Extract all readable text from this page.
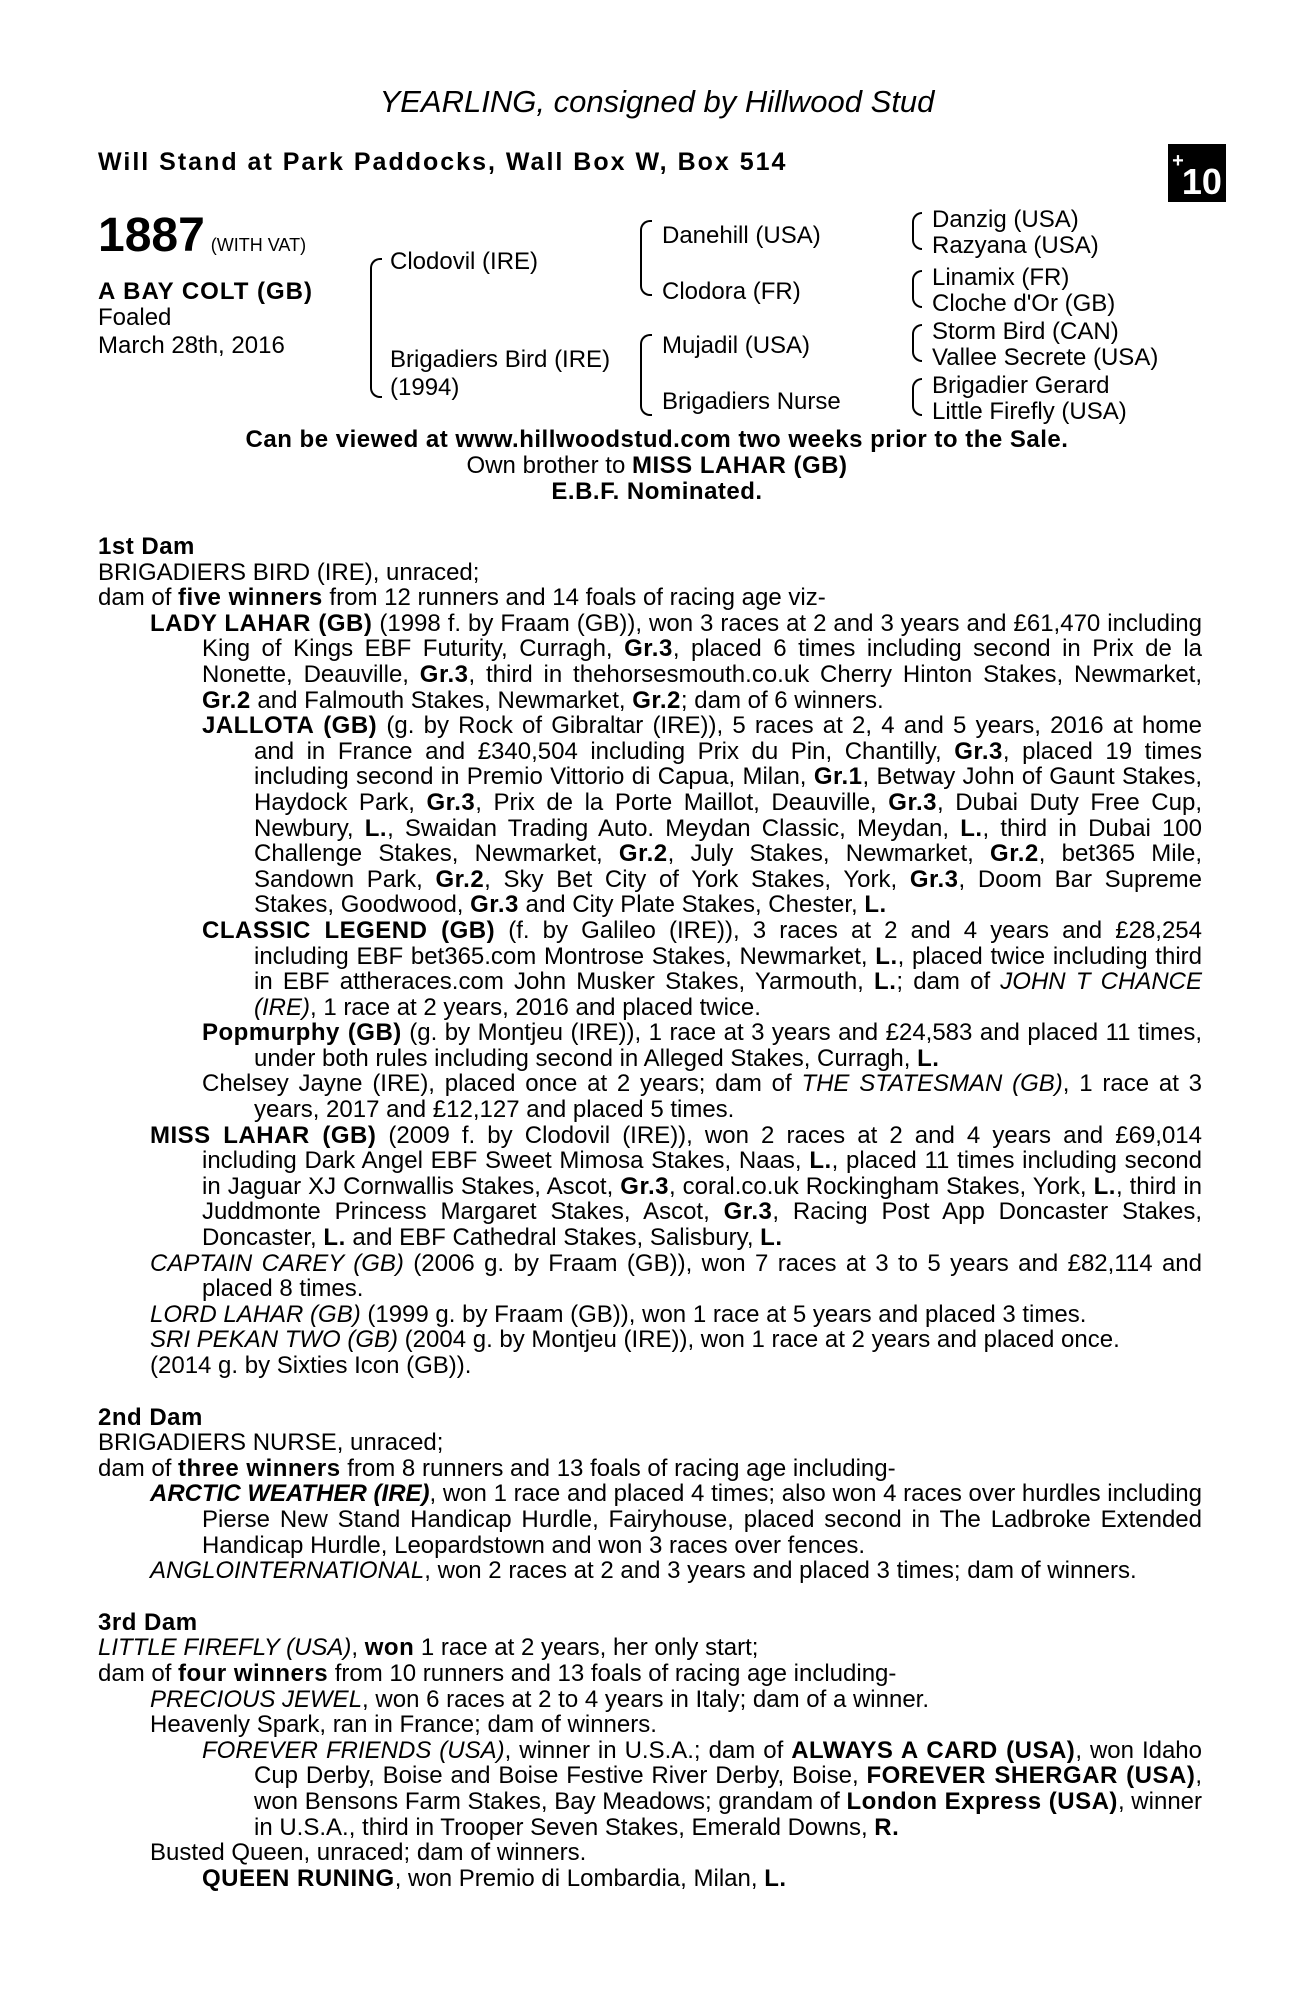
YEARLING, consigned by Hillwood Stud
Will Stand at Park Paddocks, Wall Box W, Box 514	+10
1887 (WITH VAT)
A BAY COLT (GB)
Foaled
March 28th, 2016
Clodovil (IRE)
Brigadiers Bird (IRE)
(1994)
Danehill (USA)
Clodora (FR)
Mujadil (USA)
Brigadiers Nurse
Danzig (USA)
Razyana (USA)
Linamix (FR)
Cloche d'Or (GB)
Storm Bird (CAN)
Vallee Secrete (USA)
Brigadier Gerard
Little Firefly (USA)
Can be viewed at www.hillwoodstud.com two weeks prior to the Sale.
Own brother to MISS LAHAR (GB)
E.B.F. Nominated.

1st Dam

BRIGADIERS BIRD (IRE), unraced;

dam of five winners from 12 runners and 14 foals of racing age viz-

LADY LAHAR (GB) (1998 f. by Fraam (GB)), won 3 races at 2 and 3 years and £61,470 including King of Kings EBF Futurity, Curragh, Gr.3, placed 6 times including second in Prix de la Nonette, Deauville, Gr.3, third in thehorsesmouth.co.uk Cherry Hinton Stakes, Newmarket, Gr.2 and Falmouth Stakes, Newmarket, Gr.2; dam of 6 winners.

JALLOTA (GB) (g. by Rock of Gibraltar (IRE)), 5 races at 2, 4 and 5 years, 2016 at home and in France and £340,504 including Prix du Pin, Chantilly, Gr.3, placed 19 times including second in Premio Vittorio di Capua, Milan, Gr.1, Betway John of Gaunt Stakes, Haydock Park, Gr.3, Prix de la Porte Maillot, Deauville, Gr.3, Dubai Duty Free Cup, Newbury, L., Swaidan Trading Auto. Meydan Classic, Meydan, L., third in Dubai 100 Challenge Stakes, Newmarket, Gr.2, July Stakes, Newmarket, Gr.2, bet365 Mile, Sandown Park, Gr.2, Sky Bet City of York Stakes, York, Gr.3, Doom Bar Supreme Stakes, Goodwood, Gr.3 and City Plate Stakes, Chester, L.

CLASSIC LEGEND (GB) (f. by Galileo (IRE)), 3 races at 2 and 4 years and £28,254 including EBF bet365.com Montrose Stakes, Newmarket, L., placed twice including third in EBF attheraces.com John Musker Stakes, Yarmouth, L.; dam of JOHN T CHANCE (IRE), 1 race at 2 years, 2016 and placed twice.

Popmurphy (GB) (g. by Montjeu (IRE)), 1 race at 3 years and £24,583 and placed 11 times, under both rules including second in Alleged Stakes, Curragh, L.

Chelsey Jayne (IRE), placed once at 2 years; dam of THE STATESMAN (GB), 1 race at 3 years, 2017 and £12,127 and placed 5 times.

MISS LAHAR (GB) (2009 f. by Clodovil (IRE)), won 2 races at 2 and 4 years and £69,014 including Dark Angel EBF Sweet Mimosa Stakes, Naas, L., placed 11 times including second in Jaguar XJ Cornwallis Stakes, Ascot, Gr.3, coral.co.uk Rockingham Stakes, York, L., third in Juddmonte Princess Margaret Stakes, Ascot, Gr.3, Racing Post App Doncaster Stakes, Doncaster, L. and EBF Cathedral Stakes, Salisbury, L.

CAPTAIN CAREY (GB) (2006 g. by Fraam (GB)), won 7 races at 3 to 5 years and £82,114 and placed 8 times.

LORD LAHAR (GB) (1999 g. by Fraam (GB)), won 1 race at 5 years and placed 3 times.

SRI PEKAN TWO (GB) (2004 g. by Montjeu (IRE)), won 1 race at 2 years and placed once.

(2014 g. by Sixties Icon (GB)).

2nd Dam

BRIGADIERS NURSE, unraced;

dam of three winners from 8 runners and 13 foals of racing age including-

ARCTIC WEATHER (IRE), won 1 race and placed 4 times; also won 4 races over hurdles including Pierse New Stand Handicap Hurdle, Fairyhouse, placed second in The Ladbroke Extended Handicap Hurdle, Leopardstown and won 3 races over fences.

ANGLOINTERNATIONAL, won 2 races at 2 and 3 years and placed 3 times; dam of winners.

3rd Dam

LITTLE FIREFLY (USA), won 1 race at 2 years, her only start;

dam of four winners from 10 runners and 13 foals of racing age including-

PRECIOUS JEWEL, won 6 races at 2 to 4 years in Italy; dam of a winner.

Heavenly Spark, ran in France; dam of winners.

FOREVER FRIENDS (USA), winner in U.S.A.; dam of ALWAYS A CARD (USA), won Idaho Cup Derby, Boise and Boise Festive River Derby, Boise, FOREVER SHERGAR (USA), won Bensons Farm Stakes, Bay Meadows; grandam of London Express (USA), winner in U.S.A., third in Trooper Seven Stakes, Emerald Downs, R.

Busted Queen, unraced; dam of winners.

QUEEN RUNING, won Premio di Lombardia, Milan, L.
